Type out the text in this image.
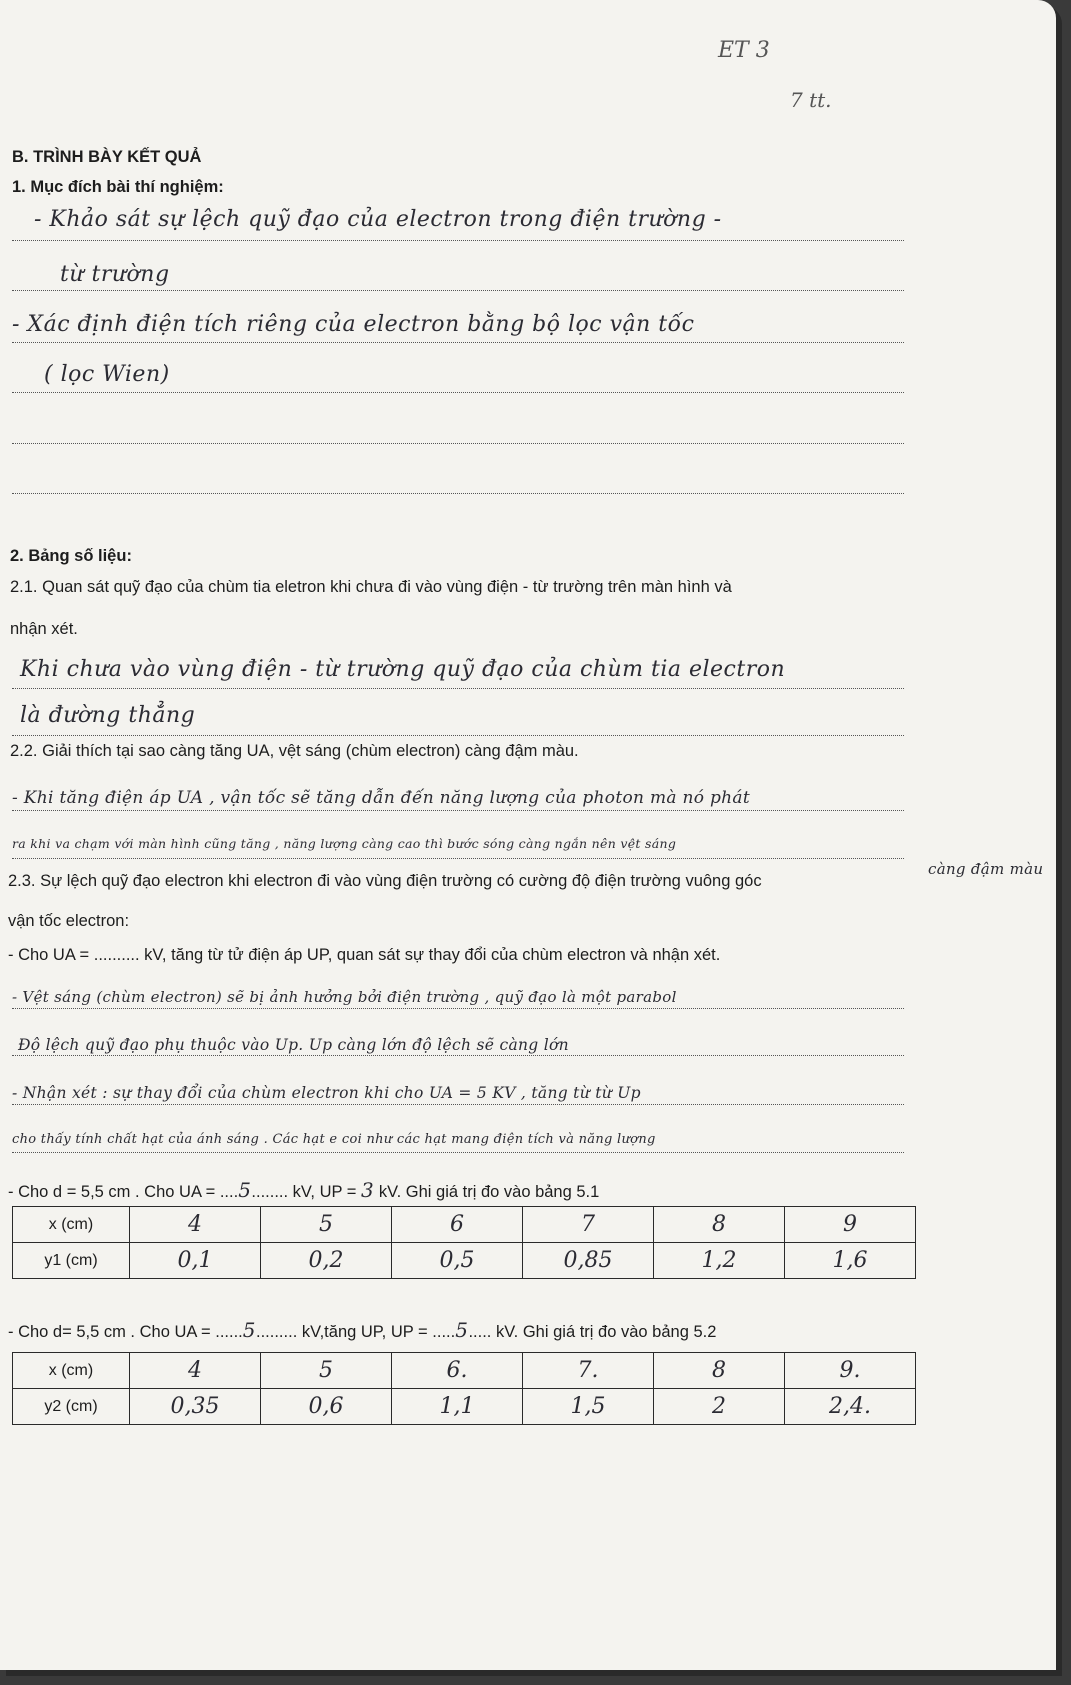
ET 3
7 tt.
B. TRÌNH BÀY KẾT QUẢ
1. Mục đích bài thí nghiệm:
- Khảo sát sự lệch quỹ đạo của electron trong điện trường -
từ trường
- Xác định điện tích riêng của electron bằng bộ lọc vận tốc
( lọc Wien)
2. Bảng số liệu:
2.1. Quan sát quỹ đạo của chùm tia eletron khi chưa đi vào vùng điện - từ trường trên màn hình và
nhận xét.
Khi chưa vào vùng điện - từ trường quỹ đạo của chùm tia electron
là đường thẳng
2.2. Giải thích tại sao càng tăng UA, vệt sáng (chùm electron) càng đậm màu.
- Khi tăng điện áp UA , vận tốc sẽ tăng dẫn đến năng lượng của photon mà nó phát
ra khi va chạm với màn hình cũng tăng , năng lượng càng cao thì bước sóng càng ngắn nên vệt sáng
càng đậm màu
2.3. Sự lệch quỹ đạo electron khi electron đi vào vùng điện trường có cường độ điện trường vuông góc
vận tốc electron:
- Cho UA = .......... kV, tăng từ tử điện áp UP, quan sát sự thay đổi của chùm electron và nhận xét.
- Vệt sáng (chùm electron) sẽ bị ảnh hưởng bởi điện trường , quỹ đạo là một parabol
Độ lệch quỹ đạo phụ thuộc vào Up. Up càng lớn độ lệch sẽ càng lớn
- Nhận xét : sự thay đổi của chùm electron khi cho UA = 5 KV , tăng từ từ Up
cho thấy tính chất hạt của ánh sáng . Các hạt e coi như các hạt mang điện tích và năng lượng
- Cho d = 5,5 cm . Cho UA = ....5........ kV, UP = 3 kV. Ghi giá trị đo vào bảng 5.1
x (cm)	4	5	6	7	8	9
y1 (cm)	0,1	0,2	0,5	0,85	1,2	1,6
- Cho d= 5,5 cm . Cho UA = ......5......... kV,tăng UP, UP = .....5..... kV. Ghi giá trị đo vào bảng 5.2
x (cm)	4	5	6.	7.	8	9.
y2 (cm)	0,35	0,6	1,1	1,5	2	2,4.
